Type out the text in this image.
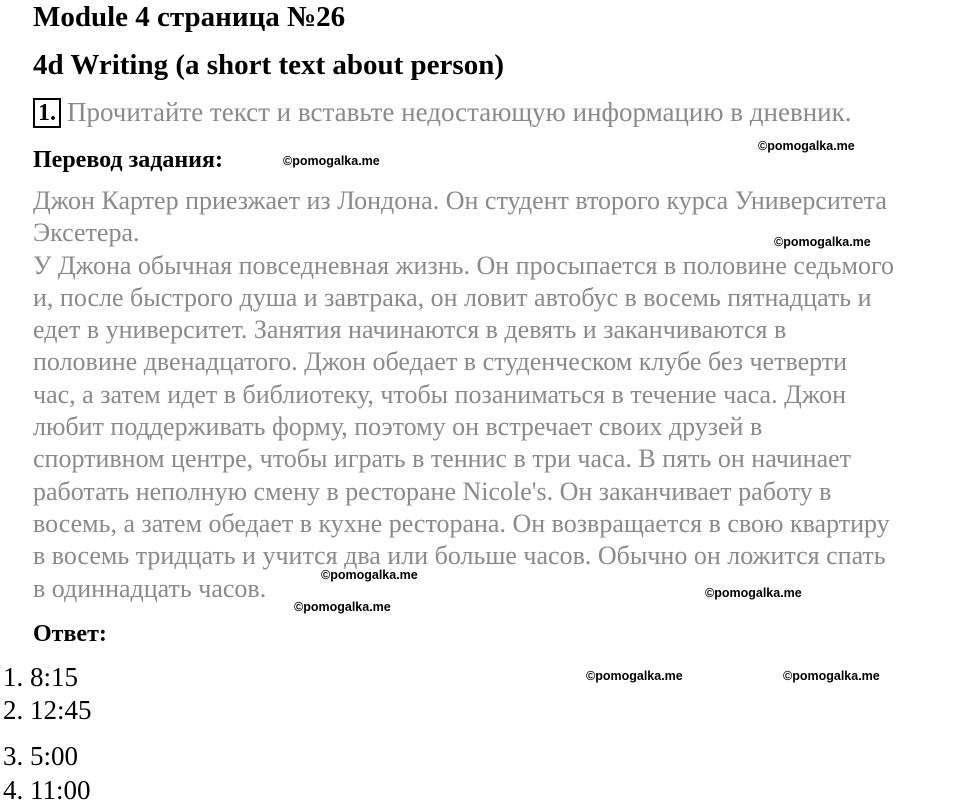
Module 4 страница №26
4d Writing (a short text about person)
1. Прочитайте текст и вставьте недостающую информацию в дневник.
Перевод задания:
Джон Картер приезжает из Лондона. Он студент второго курса Университета
Эксетера.
У Джона обычная повседневная жизнь. Он просыпается в половине седьмого
и, после быстрого душа и завтрака, он ловит автобус в восемь пятнадцать и
едет в университет. Занятия начинаются в девять и заканчиваются в
половине двенадцатого. Джон обедает в студенческом клубе без четверти
час, а затем идет в библиотеку, чтобы позаниматься в течение часа. Джон
любит поддерживать форму, поэтому он встречает своих друзей в
спортивном центре, чтобы играть в теннис в три часа. В пять он начинает
работать неполную смену в ресторане Nicole's. Он заканчивает работу в
восемь, а затем обедает в кухне ресторана. Он возвращается в свою квартиру
в восемь тридцать и учится два или больше часов. Обычно он ложится спать
в одиннадцать часов.
Ответ:
1. 8:15
2. 12:45
3. 5:00
4. 11:00
©pomogalka.me
©pomogalka.me
©pomogalka.me
©pomogalka.me
©pomogalka.me
©pomogalka.me
©pomogalka.me	©pomogalka.me
